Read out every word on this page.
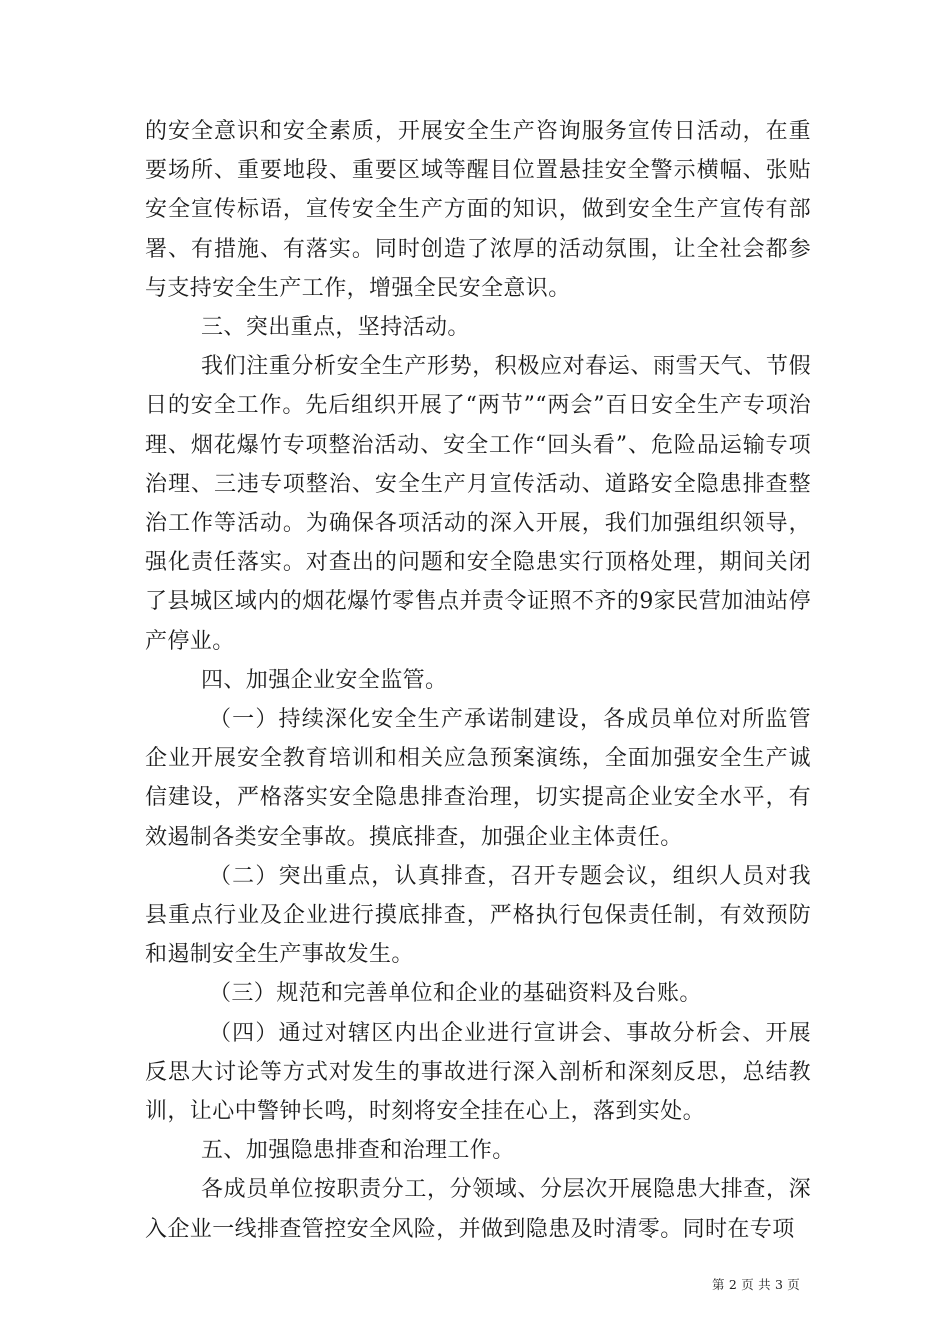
的安全意识和安全素质，开展安全生产咨询服务宣传日活动，在重要场所、重要地段、重要区域等醒目位置悬挂安全警示横幅、张贴安全宣传标语，宣传安全生产方面的知识，做到安全生产宣传有部署、有措施、有落实。同时创造了浓厚的活动氛围，让全社会都参与支持安全生产工作，增强全民安全意识。

三、突出重点，坚持活动。

我们注重分析安全生产形势，积极应对春运、雨雪天气、节假日的安全工作。先后组织开展了“两节”“两会”百日安全生产专项治理、烟花爆竹专项整治活动、安全工作“回头看”、危险品运输专项治理、三违专项整治、安全生产月宣传活动、道路安全隐患排查整治工作等活动。为确保各项活动的深入开展，我们加强组织领导，强化责任落实。对查出的问题和安全隐患实行顶格处理，期间关闭了县城区域内的烟花爆竹零售点并责令证照不齐的9家民营加油站停产停业。

四、加强企业安全监管。

（一）持续深化安全生产承诺制建设，各成员单位对所监管企业开展安全教育培训和相关应急预案演练，全面加强安全生产诚信建设，严格落实安全隐患排查治理，切实提高企业安全水平，有效遏制各类安全事故。摸底排查，加强企业主体责任。

（二）突出重点，认真排查，召开专题会议，组织人员对我县重点行业及企业进行摸底排查，严格执行包保责任制，有效预防和遏制安全生产事故发生。

（三）规范和完善单位和企业的基础资料及台账。

（四）通过对辖区内出企业进行宣讲会、事故分析会、开展反思大讨论等方式对发生的事故进行深入剖析和深刻反思，总结教训，让心中警钟长鸣，时刻将安全挂在心上，落到实处。

五、加强隐患排查和治理工作。

各成员单位按职责分工，分领域、分层次开展隐患大排查，深入企业一线排查管控安全风险，并做到隐患及时清零。同时在专项

第 2 页 共 3 页
